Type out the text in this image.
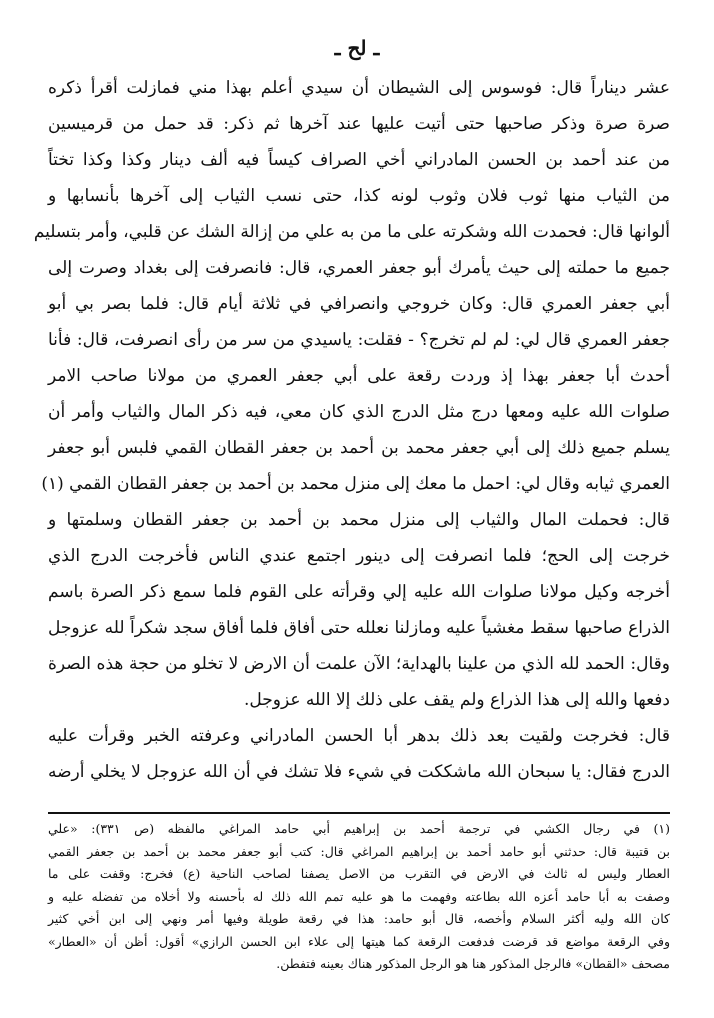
ـ لح ـ
عشر ديناراً قال: فوسوس إلى الشيطان أن سيدي أعلم بهذا مني فمازلت أقرأ ذكره
صرة صرة وذكر صاحبها حتى أتيت عليها عند آخرها ثم ذكر: قد حمل من قرميسين
من عند أحمد بن الحسن المادراني أخي الصراف كيساً فيه ألف دينار وكذا وكذا تختاً
من الثياب منها ثوب فلان وثوب لونه كذا، حتى نسب الثياب إلى آخرها بأنسابها و
ألوانها قال: فحمدت الله وشكرته على ما من به علي من إزالة الشك عن قلبي، وأمر بتسليم
جميع ما حملته إلى حيث يأمرك أبو جعفر العمري، قال: فانصرفت إلى بغداد وصرت إلى
أبي جعفر العمري قال: وكان خروجي وانصرافي في ثلاثة أيام قال: فلما بصر بي أبو
جعفر العمري قال لي: لم لم تخرج؟ - فقلت: ياسيدي من سر من رأى انصرفت، قال: فأنا
أحدث أبا جعفر بهذا إذ وردت رقعة على أبي جعفر العمري من مولانا صاحب الامر
صلوات الله عليه ومعها درج مثل الدرج الذي كان معي، فيه ذكر المال والثياب وأمر أن
يسلم جميع ذلك إلى أبي جعفر محمد بن أحمد بن جعفر القطان القمي فلبس أبو جعفر
العمري ثيابه وقال لي: احمل ما معك إلى منزل محمد بن أحمد بن جعفر القطان القمي (١)
قال: فحملت المال والثياب إلى منزل محمد بن أحمد بن جعفر القطان وسلمتها و
خرجت إلى الحج؛ فلما انصرفت إلى دينور اجتمع عندي الناس فأخرجت الدرج الذي
أخرجه وكيل مولانا صلوات الله عليه إلي وقرأته على القوم فلما سمع ذكر الصرة باسم
الذراع صاحبها سقط مغشياً عليه ومازلنا نعلله حتى أفاق فلما أفاق سجد شكراً لله عزوجل
وقال: الحمد لله الذي من علينا بالهداية؛ الآن علمت أن الارض لا تخلو من حجة هذه الصرة
دفعها والله إلى هذا الذراع ولم يقف على ذلك إلا الله عزوجل.
قال: فخرجت ولقيت بعد ذلك بدهر أبا الحسن المادراني وعرفته الخبر وقرأت عليه
الدرج فقال: يا سبحان الله ماشككت في شيء فلا تشك في أن الله عزوجل لا يخلي أرضه
(١) في رجال الكشي في ترجمة أحمد بن إبراهيم أبي حامد المراغي مالفظه (ص ٣٣١): «علي
بن قتيبة قال: حدثني أبو حامد أحمد بن إبراهيم المراغي قال: كتب أبو جعفر محمد بن أحمد بن جعفر القمي
العطار وليس له ثالث في الارض في التقرب من الاصل يصفنا لصاحب الناحية (ع) فخرج: وقفت على ما
وصفت به أبا حامد أعزه الله بطاعته وفهمت ما هو عليه تمم الله ذلك له بأحسنه ولا أخلاه من تفضله عليه و
كان الله وليه أكثر السلام وأخصه، قال أبو حامد: هذا في رقعة طويلة وفيها أمر ونهي إلى ابن أخي كثير
وفي الرقعة مواضع قد قرضت فدفعت الرقعة كما هيتها إلى علاء ابن الحسن الرازي» أقول: أظن أن «العطار»
مصحف «القطان» فالرجل المذكور هنا هو الرجل المذكور هناك بعينه فتفطن.
